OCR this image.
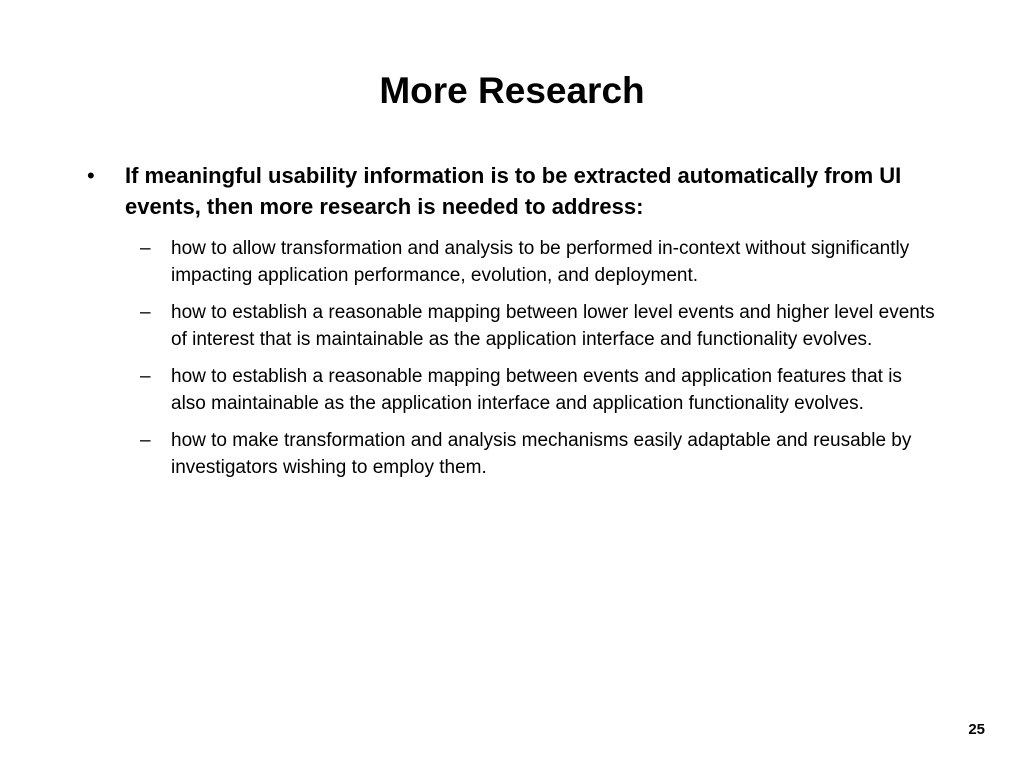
More Research
• If meaningful usability information is to be extracted automatically from UI events, then more research is needed to address:
– how to allow transformation and analysis to be performed in-context without significantly impacting application performance, evolution, and deployment.
– how to establish a reasonable mapping between lower level events and higher level events of interest that is maintainable as the application interface and functionality evolves.
– how to establish a reasonable mapping between events and application features that is also maintainable as the application interface and application functionality evolves.
– how to make transformation and analysis mechanisms easily adaptable and reusable by investigators wishing to employ them.
25
